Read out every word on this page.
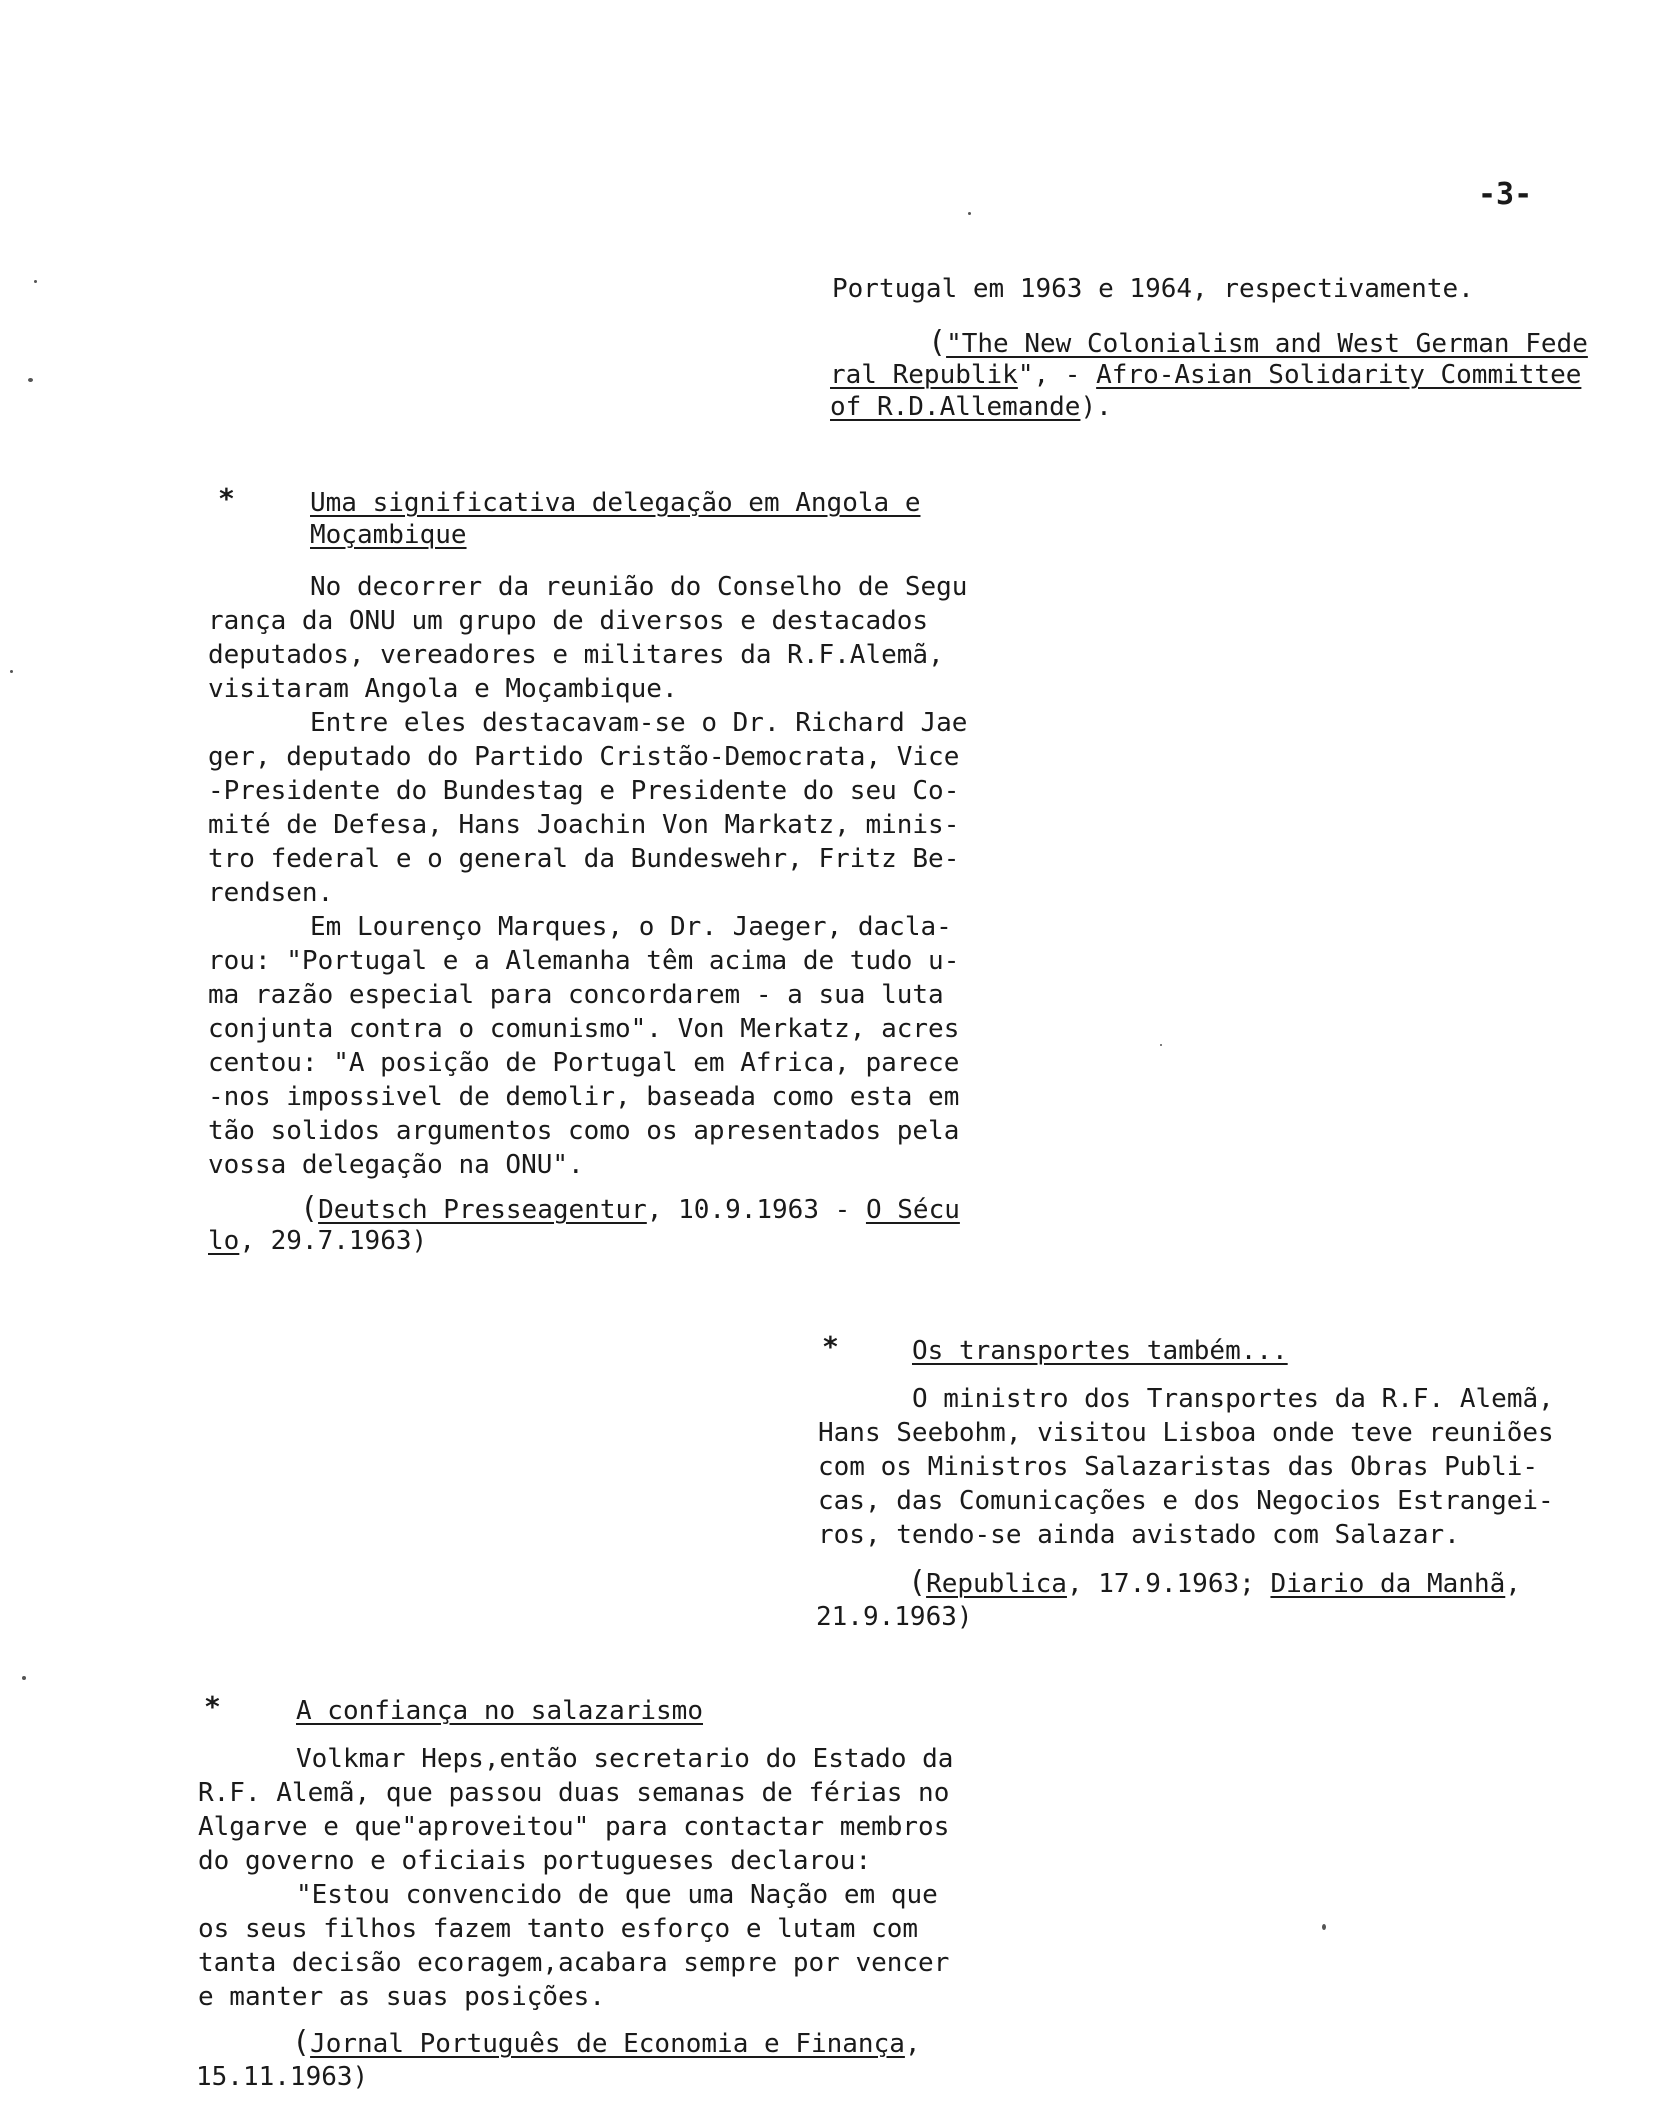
-3-
Portugal em 1963 e 1964, respectivamente.
("The New Colonialism and West German Fede
ral Republik", - Afro-Asian Solidarity Committee
of R.D.Allemande).
*	Uma significativa delegação em Angola e
Moçambique
No decorrer da reunião do Conselho de Segu
rança da ONU um grupo de diversos e destacados
deputados, vereadores e militares da R.F.Alemã,
visitaram Angola e Moçambique.
Entre eles destacavam-se o Dr. Richard Jae
ger, deputado do Partido Cristão-Democrata, Vice
-Presidente do Bundestag e Presidente do seu Co-
mité de Defesa, Hans Joachin Von Markatz, minis-
tro federal e o general da Bundeswehr, Fritz Be-
rendsen.
Em Lourenço Marques, o Dr. Jaeger, dacla-
rou: "Portugal e a Alemanha têm acima de tudo u-
ma razão especial para concordarem - a sua luta
conjunta contra o comunismo". Von Merkatz, acres
centou: "A posição de Portugal em Africa, parece
-nos impossivel de demolir, baseada como esta em
tão solidos argumentos como os apresentados pela
vossa delegação na ONU".
(Deutsch Presseagentur, 10.9.1963 - O Sécu
lo, 29.7.1963)
*	Os transportes também...
O ministro dos Transportes da R.F. Alemã,
Hans Seebohm, visitou Lisboa onde teve reuniões
com os Ministros Salazaristas das Obras Publi-
cas, das Comunicações e dos Negocios Estrangei-
ros, tendo-se ainda avistado com Salazar.
(Republica, 17.9.1963; Diario da Manhã,
21.9.1963)
*	A confiança no salazarismo
Volkmar Heps,então secretario do Estado da
R.F. Alemã, que passou duas semanas de férias no
Algarve e que"aproveitou" para contactar membros
do governo e oficiais portugueses declarou:
"Estou convencido de que uma Nação em que
os seus filhos fazem tanto esforço e lutam com
tanta decisão ecoragem,acabara sempre por vencer
e manter as suas posições.
(Jornal Português de Economia e Finança,
15.11.1963)
